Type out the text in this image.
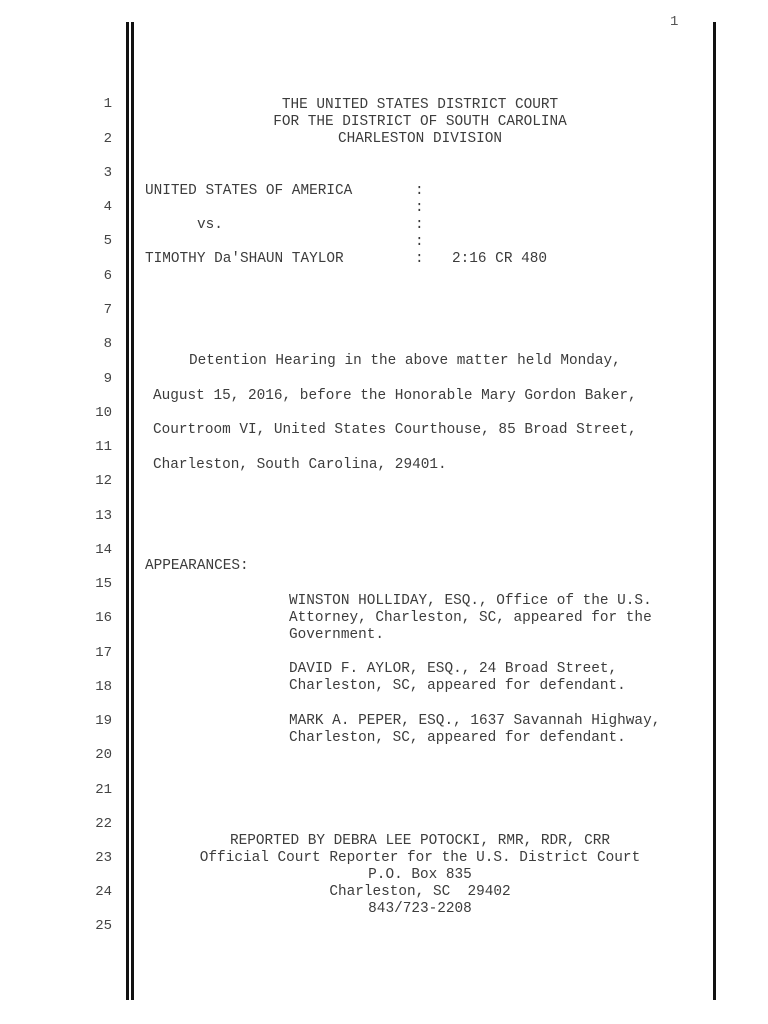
1
1
2
3
4
5
6
7
8
9
10
11
12
13
14
15
16
17
18
19
20
21
22
23
24
25
THE UNITED STATES DISTRICT COURT
FOR THE DISTRICT OF SOUTH CAROLINA
CHARLESTON DIVISION
UNITED STATES OF AMERICA	:
:
vs.	:
:
TIMOTHY Da'SHAUN TAYLOR	: 2:16 CR 480
Detention Hearing in the above matter held Monday,
August 15, 2016, before the Honorable Mary Gordon Baker,
Courtroom VI, United States Courthouse, 85 Broad Street,
Charleston, South Carolina, 29401.
APPEARANCES:
WINSTON HOLLIDAY, ESQ., Office of the U.S.
Attorney, Charleston, SC, appeared for the
Government.
DAVID F. AYLOR, ESQ., 24 Broad Street,
Charleston, SC, appeared for defendant.
MARK A. PEPER, ESQ., 1637 Savannah Highway,
Charleston, SC, appeared for defendant.
REPORTED BY DEBRA LEE POTOCKI, RMR, RDR, CRR
Official Court Reporter for the U.S. District Court
P.O. Box 835
Charleston, SC  29402
843/723-2208
